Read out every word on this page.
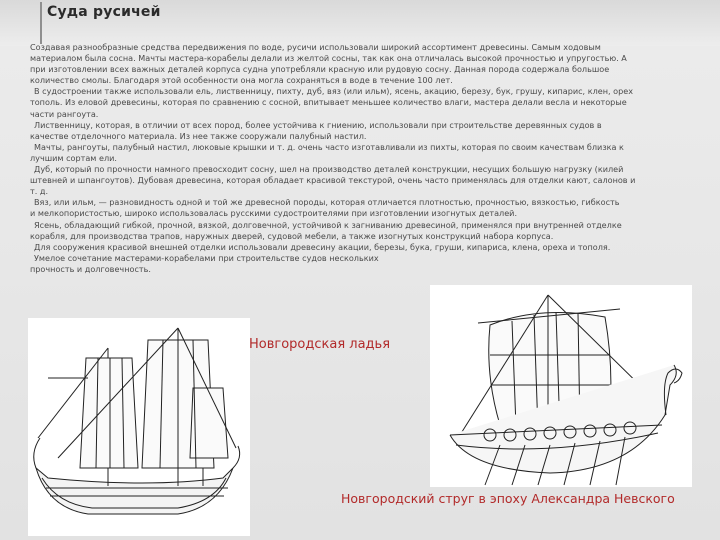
Суда русичей
Создавая разнообразные средства передвижения по воде, русичи использовали широкий ассортимент древесины. Самым ходовым
материалом была сосна. Мачты мастера-корабелы делали из желтой сосны, так как она отличалась высокой прочностью и упругостью. А
при изготовлении всех важных деталей корпуса судна употребляли красную или рудовую сосну. Данная порода содержала большое
количество смолы. Благодаря этой особенности она могла сохраняться в воде в течение 100 лет.
В судостроении также использовали ель, лиственницу, пихту, дуб, вяз (или ильм), ясень, акацию, березу, бук, грушу, кипарис, клен, ореx
тополь. Из еловой древесины, которая по сравнению с сосной, впитывает меньшее количество влаги, мастера делали весла и некоторые
части рангоута.
Лиственницу, которая, в отличии от всех пород, более устойчива к гниению, использовали при строительстве деревянных судов в
качестве отделочного материала. Из нее также сооружали палубный настил.
Мачты, рангоуты, палубный настил, люковые крышки и т. д. очень часто изготавливали из пихты, которая по своим качествам близка к
лучшим сортам ели.
Дуб, который по прочности намного превосходит сосну, шел на производство деталей конструкции, несущих большую нагрузку (килей
штевней и шпангоутов). Дубовая древесина, которая обладает красивой текстурой, очень часто применялась для отделки кают, салонов и
т. д.
Вяз, или ильм, — разновидность одной и той же древесной породы, которая отличается плотностью, прочностью, вязкостью, гибкость
и мелкопористостью, широко использовалась русскими судостроителями при изготовлении изогнутых деталей.
Ясень, обладающий гибкой, прочной, вязкой, долговечной, устойчивой к загниванию древесиной, применялся при внутренней отделке
корабля, для производства трапов, наружных дверей, судовой мебели, а также изогнутых конструкций набора корпуса.
Для сооружения красивой внешней отделки использовали древесину акации, березы, бука, груши, кипариса, клена, ореха и тополя.
Умелое сочетание мастерами-корабелами при строительстве судов нескольких
прочность и долговечность.
Новгородская ладья
Новгородский струг в эпоху Александра Невского
